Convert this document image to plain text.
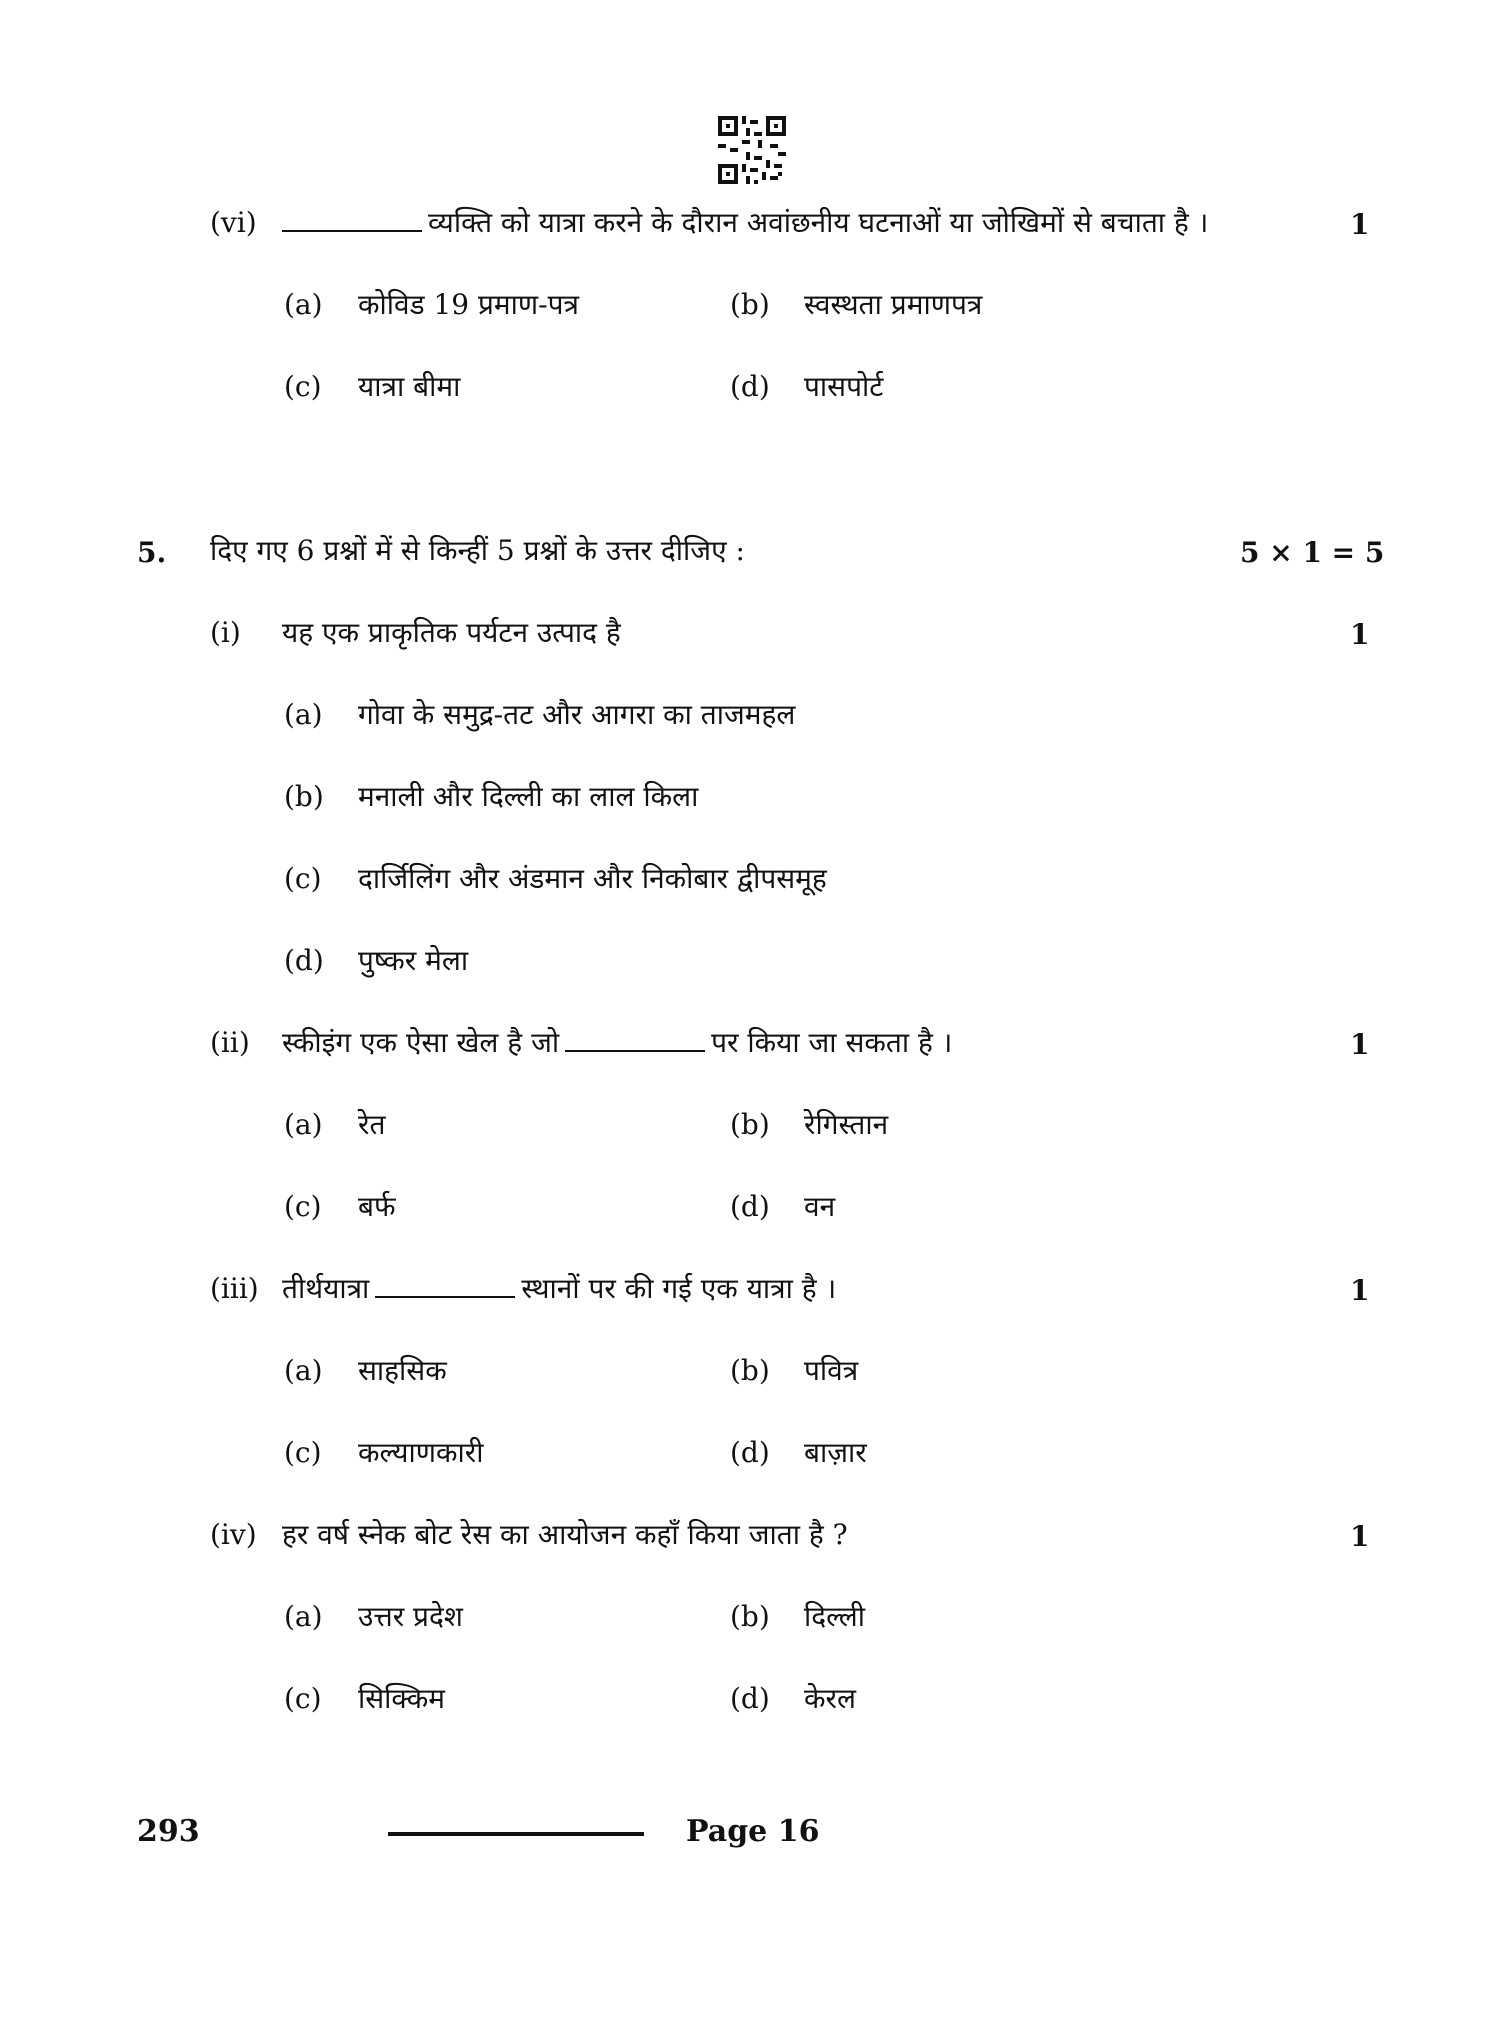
(vi)	व्यक्ति को यात्रा करने के दौरान अवांछनीय घटनाओं या जोखिमों से बचाता है ।	1
(a) कोविड 19 प्रमाण-पत्र	(b) स्वस्थता प्रमाणपत्र
(c) यात्रा बीमा	(d) पासपोर्ट
5. दिए गए 6 प्रश्नों में से किन्हीं 5 प्रश्नों के उत्तर दीजिए :	5 × 1 = 5
(i) यह एक प्राकृतिक पर्यटन उत्पाद है	1
(a) गोवा के समुद्र-तट और आगरा का ताजमहल
(b) मनाली और दिल्ली का लाल किला
(c) दार्जिलिंग और अंडमान और निकोबार द्वीपसमूह
(d) पुष्कर मेला
(ii) स्कीइंग एक ऐसा खेल है जो	पर किया जा सकता है ।	1
(a) रेत	(b) रेगिस्तान
(c) बर्फ	(d) वन
(iii) तीर्थयात्रा	स्थानों पर की गई एक यात्रा है ।	1
(a) साहसिक	(b) पवित्र
(c) कल्याणकारी	(d) बाज़ार
(iv) हर वर्ष स्नेक बोट रेस का आयोजन कहाँ किया जाता है ?	1
(a) उत्तर प्रदेश	(b) दिल्ली
(c) सिक्किम	(d) केरल
293	Page 16
